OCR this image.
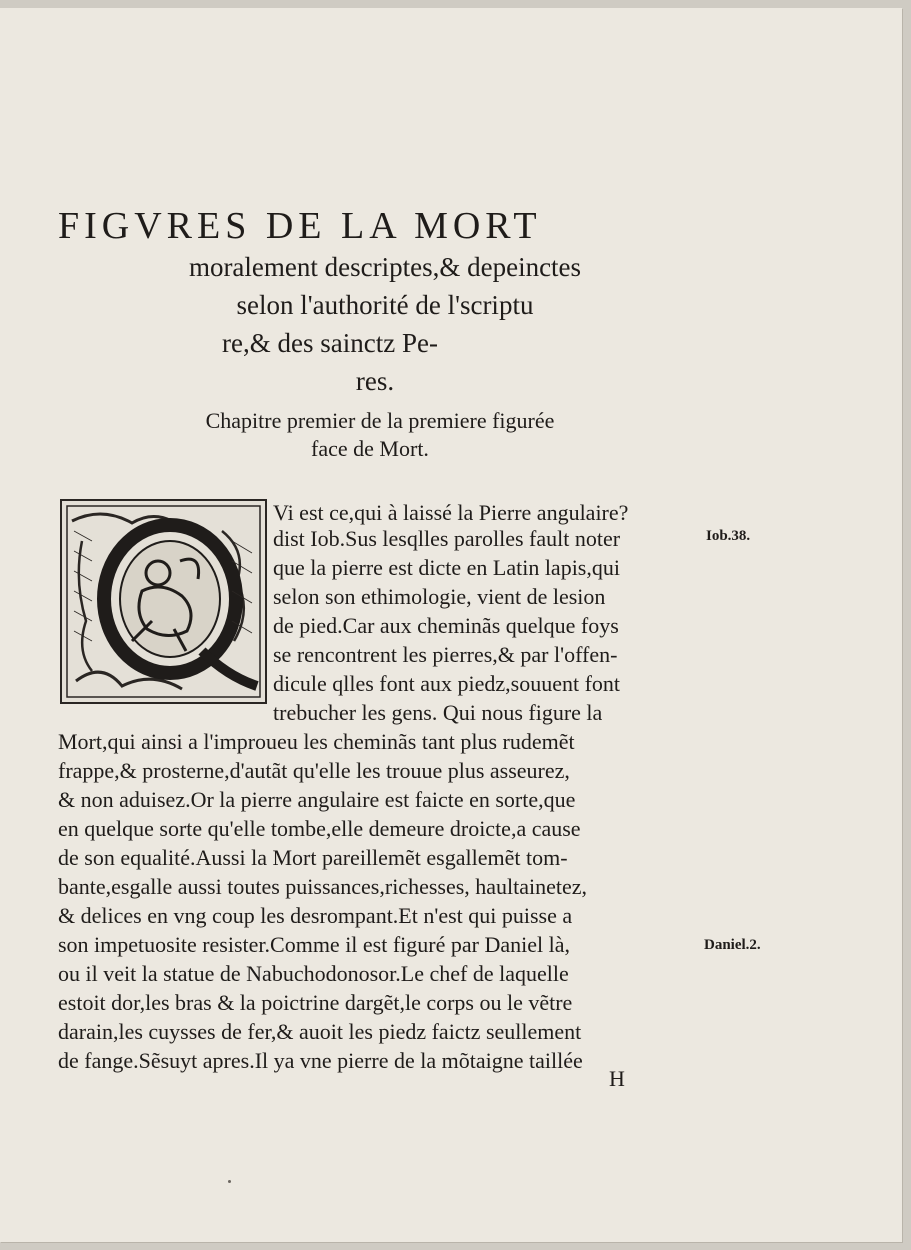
FIGVRES DE LA MORT
moralement descriptes,& depeinctes
selon l'authorité de l'scriptu
re,& des sainctz Pe-
res.
Chapitre premier de la premiere figurée
face de Mort.
Vi est ce,qui à laissé la Pierre angulaire?
dist Iob.Sus lesqlles parolles fault noter
que la pierre est dicte en Latin lapis,qui
selon son ethimologie, vient de lesion
de pied.Car aux cheminãs quelque foys
se rencontrent les pierres,& par l'offen-
dicule qlles font aux piedz,souuent font
trebucher les gens. Qui nous figure la
Mort,qui ainsi a l'improueu les cheminãs tant plus rudemẽt
frappe,& prosterne,d'autãt qu'elle les trouue plus asseurez,
& non aduisez.Or la pierre angulaire est faicte en sorte,que
en quelque sorte qu'elle tombe,elle demeure droicte,a cause
de son equalité.Aussi la Mort pareillemẽt esgallemẽt tom-
bante,esgalle aussi toutes puissances,richesses, haultainetez,
& delices en vng coup les desrompant.Et n'est qui puisse a
son impetuosite resister.Comme il est figuré par Daniel là,
ou il veit la statue de Nabuchodonosor.Le chef de laquelle
estoit dor,les bras & la poictrine dargẽt,le corps ou le vẽtre
darain,les cuysses de fer,& auoit les piedz faictz seullement
de fange.Sẽsuyt apres.Il ya vne pierre de la mõtaigne taillée
Iob.38.
Daniel.2.
H
